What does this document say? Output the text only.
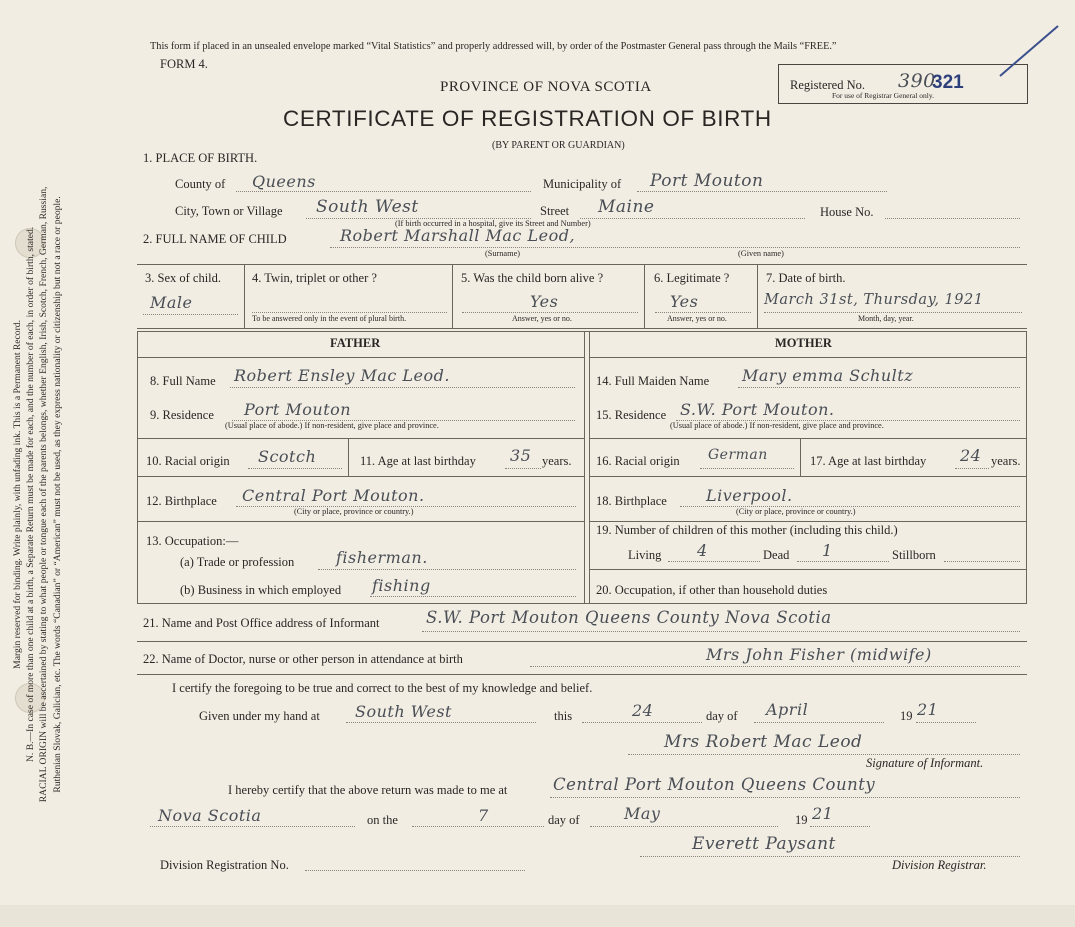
Margin reserved for binding. Write plainly, with unfading ink. This is a Permanent Record. N. B.—In case of more than one child at a birth, a Separate Return must be made for each, and the number of each, in order of birth, stated. RACIAL ORIGIN will be ascertained by stating to what people or tongue each of the parents belongs, whether English, Irish, Scotch, French, German, Russian, Ruthenian Slovak, Galician, etc. The words “Canadian” or “American” must not be used, as they express nationality or citizenship but not a race or people.
This form if placed in an unsealed envelope marked “Vital Statistics” and properly addressed will, by order of the Postmaster General pass through the Mails “FREE.”
FORM 4.
PROVINCE OF NOVA SCOTIA
CERTIFICATE OF REGISTRATION OF BIRTH
(BY PARENT OR GUARDIAN)
Registered No. 390
321
For use of Registrar General only.
1. PLACE OF BIRTH.
County of Queens	Municipality of Port Mouton
City, Town or Village South West
(If birth occurred in a hospital, give its Street and Number)
Street Maine	House No.
2. FULL NAME OF CHILD	Robert Marshall Mac Leod,
(Surname)	(Given name)
3. Sex of child.
Male
4. Twin, triplet or other ?
To be answered only in the event of plural birth.
5. Was the child born alive ?
Yes
Answer, yes or no.
6. Legitimate ?
Yes
Answer, yes or no.
7. Date of birth.
March 31st, Thursday, 1921
Month, day, year.
FATHER	MOTHER
8. Full Name Robert Ensley Mac Leod.
9. Residence Port Mouton
(Usual place of abode.) If non-resident, give place and province.
10. Racial origin Scotch	11. Age at last birthday 35 years.
12. Birthplace Central Port Mouton.
(City or place, province or country.)
13. Occupation:—
(a) Trade or profession	fisherman.
(b) Business in which employed fishing
14. Full Maiden Name Mary emma Schultz
15. Residence S.W. Port Mouton.
(Usual place of abode.) If non-resident, give place and province.
16. Racial origin German	17. Age at last birthday 24 years.
18. Birthplace Liverpool.
(City or place, province or country.)
19. Number of children of this mother (including this child.)
Living 4	Dead 1	Stillborn
20. Occupation, if other than household duties
21. Name and Post Office address of Informant	S.W. Port Mouton Queens County Nova Scotia
22. Name of Doctor, nurse or other person in attendance at birth	Mrs John Fisher (midwife)
I certify the foregoing to be true and correct to the best of my knowledge and belief.
Given under my hand at South West	this	24	day of April	19 21
Mrs Robert Mac Leod
Signature of Informant.
I hereby certify that the above return was made to me at	Central Port Mouton Queens County
Nova Scotia	on the	7	day of	May	19 21
Everett Paysant
Division Registration No.	Division Registrar.
